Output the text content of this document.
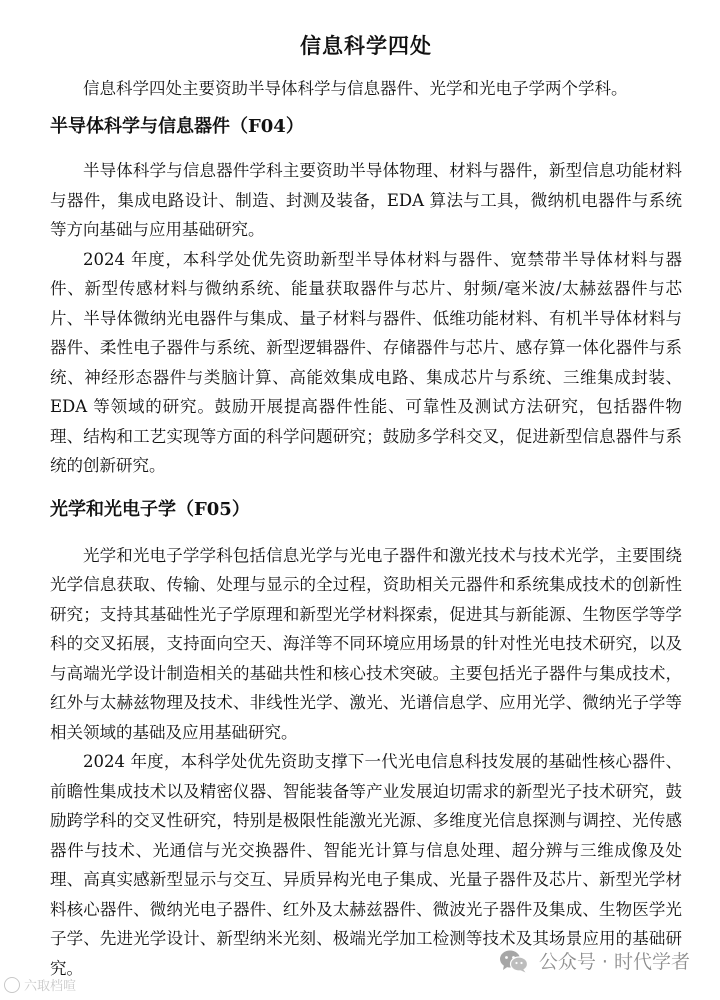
信息科学四处

信息科学四处主要资助半导体科学与信息器件、光学和光电子学两个学科。

半导体科学与信息器件（F04）

半导体科学与信息器件学科主要资助半导体物理、材料与器件，新型信息功能材料与器件，集成电路设计、制造、封测及装备，EDA 算法与工具，微纳机电器件与系统等方向基础与应用基础研究。

2024 年度，本科学处优先资助新型半导体材料与器件、宽禁带半导体材料与器件、新型传感材料与微纳系统、能量获取器件与芯片、射频/毫米波/太赫兹器件与芯片、半导体微纳光电器件与集成、量子材料与器件、低维功能材料、有机半导体材料与器件、柔性电子器件与系统、新型逻辑器件、存储器件与芯片、感存算一体化器件与系统、神经形态器件与类脑计算、高能效集成电路、集成芯片与系统、三维集成封装、EDA 等领域的研究。鼓励开展提高器件性能、可靠性及测试方法研究，包括器件物理、结构和工艺实现等方面的科学问题研究；鼓励多学科交叉，促进新型信息器件与系统的创新研究。

光学和光电子学（F05）

光学和光电子学学科包括信息光学与光电子器件和激光技术与技术光学，主要围绕光学信息获取、传输、处理与显示的全过程，资助相关元器件和系统集成技术的创新性研究；支持其基础性光子学原理和新型光学材料探索，促进其与新能源、生物医学等学科的交叉拓展，支持面向空天、海洋等不同环境应用场景的针对性光电技术研究，以及与高端光学设计制造相关的基础共性和核心技术突破。主要包括光子器件与集成技术，红外与太赫兹物理及技术、非线性光学、激光、光谱信息学、应用光学、微纳光子学等相关领域的基础及应用基础研究。

2024 年度，本科学处优先资助支撑下一代光电信息科技发展的基础性核心器件、前瞻性集成技术以及精密仪器、智能装备等产业发展迫切需求的新型光子技术研究，鼓励跨学科的交叉性研究，特别是极限性能激光光源、多维度光信息探测与调控、光传感器件与技术、光通信与光交换器件、智能光计算与信息处理、超分辨与三维成像及处理、高真实感新型显示与交互、异质异构光电子集成、光量子器件及芯片、新型光学材料核心器件、微纳光电子器件、红外及太赫兹器件、微波光子器件及集成、生物医学光子学、先进光学设计、新型纳米光刻、极端光学加工检测等技术及其场景应用的基础研究。	公众号 · 时代学者
六取档喧
